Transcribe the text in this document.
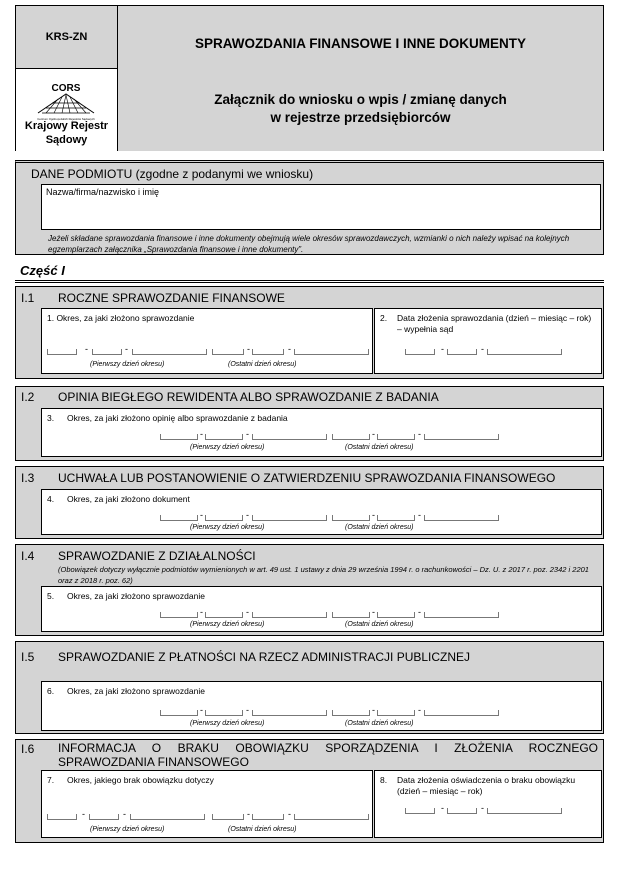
KRS-ZN
CORS
Centrum Ogólnopolskich Rejestrów Sądowych
Krajowy Rejestr
Sądowy
SPRAWOZDANIA FINANSOWE I INNE DOKUMENTY
Załącznik do wniosku o wpis / zmianę danych
w rejestrze przedsiębiorców
DANE PODMIOTU (zgodne z podanymi we wniosku)
Nazwa/firma/nazwisko i imię
Jeżeli składane sprawozdania finansowe i inne dokumenty obejmują wiele okresów sprawozdawczych, wzmianki o nich należy wpisać na kolejnych egzemplarzach załącznika „Sprawozdania finansowe i inne dokumenty”.
Część I
I.1 ROCZNE SPRAWOZDANIE FINANSOWE
1. Okres, za jaki złożono sprawozdanie
-	-	-	-
(Pierwszy dzień okresu)	(Ostatni dzień okresu)
2. Data złożenia sprawozdania (dzień – miesiąc – rok) – wypełnia sąd
-	-
I.2 OPINIA BIEGŁEGO REWIDENTA ALBO SPRAWOZDANIE Z BADANIA
3. Okres, za jaki złożono opinię albo sprawozdanie z badania
-	-	-	-
(Pierwszy dzień okresu)	(Ostatni dzień okresu)
I.3 UCHWAŁA LUB POSTANOWIENIE O ZATWIERDZENIU SPRAWOZDANIA FINANSOWEGO
4. Okres, za jaki złożono dokument
-	-	-	-
(Pierwszy dzień okresu)	(Ostatni dzień okresu)
I.4 SPRAWOZDANIE Z DZIAŁALNOŚCI
(Obowiązek dotyczy wyłącznie podmiotów wymienionych w art. 49 ust. 1 ustawy z dnia 29 września 1994 r. o rachunkowości – Dz. U. z 2017 r. poz. 2342 i 2201 oraz z 2018 r. poz. 62)
5. Okres, za jaki złożono sprawozdanie
-	-	-	-
(Pierwszy dzień okresu)	(Ostatni dzień okresu)
I.5 SPRAWOZDANIE Z PŁATNOŚCI NA RZECZ ADMINISTRACJI PUBLICZNEJ
6. Okres, za jaki złożono sprawozdanie
-	-	-	-
(Pierwszy dzień okresu)	(Ostatni dzień okresu)
I.6 INFORMACJA O BRAKU OBOWIĄZKU SPORZĄDZENIA I ZŁOŻENIA ROCZNEGO
SPRAWOZDANIA FINANSOWEGO
7. Okres, jakiego brak obowiązku dotyczy
-	-	-	-
(Pierwszy dzień okresu)	(Ostatni dzień okresu)
8. Data złożenia oświadczenia o braku obowiązku (dzień – miesiąc – rok)
-	-
